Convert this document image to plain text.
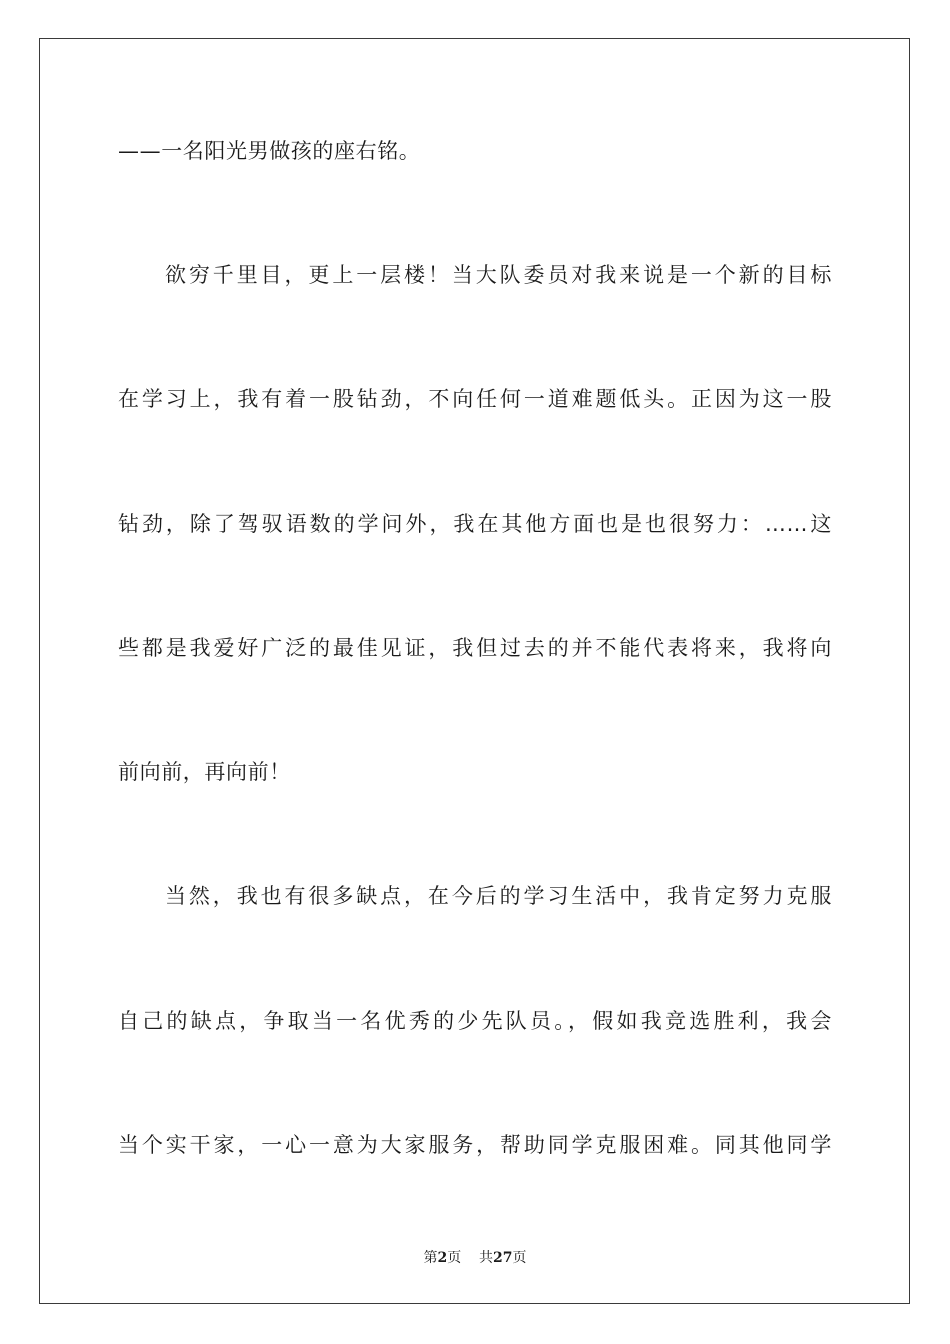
——一名阳光男做孩的座右铭。
欲穷千里目，更上一层楼！当大队委员对我来说是一个新的目标
在学习上，我有着一股钻劲，不向任何一道难题低头。正因为这一股
钻劲，除了驾驭语数的学问外，我在其他方面也是也很努力：……这
些都是我爱好广泛的最佳见证，我但过去的并不能代表将来，我将向
前向前，再向前！
当然，我也有很多缺点，在今后的学习生活中，我肯定努力克服
自己的缺点，争取当一名优秀的少先队员。，假如我竞选胜利，我会
当个实干家，一心一意为大家服务，帮助同学克服困难。同其他同学
第2页 共27页
